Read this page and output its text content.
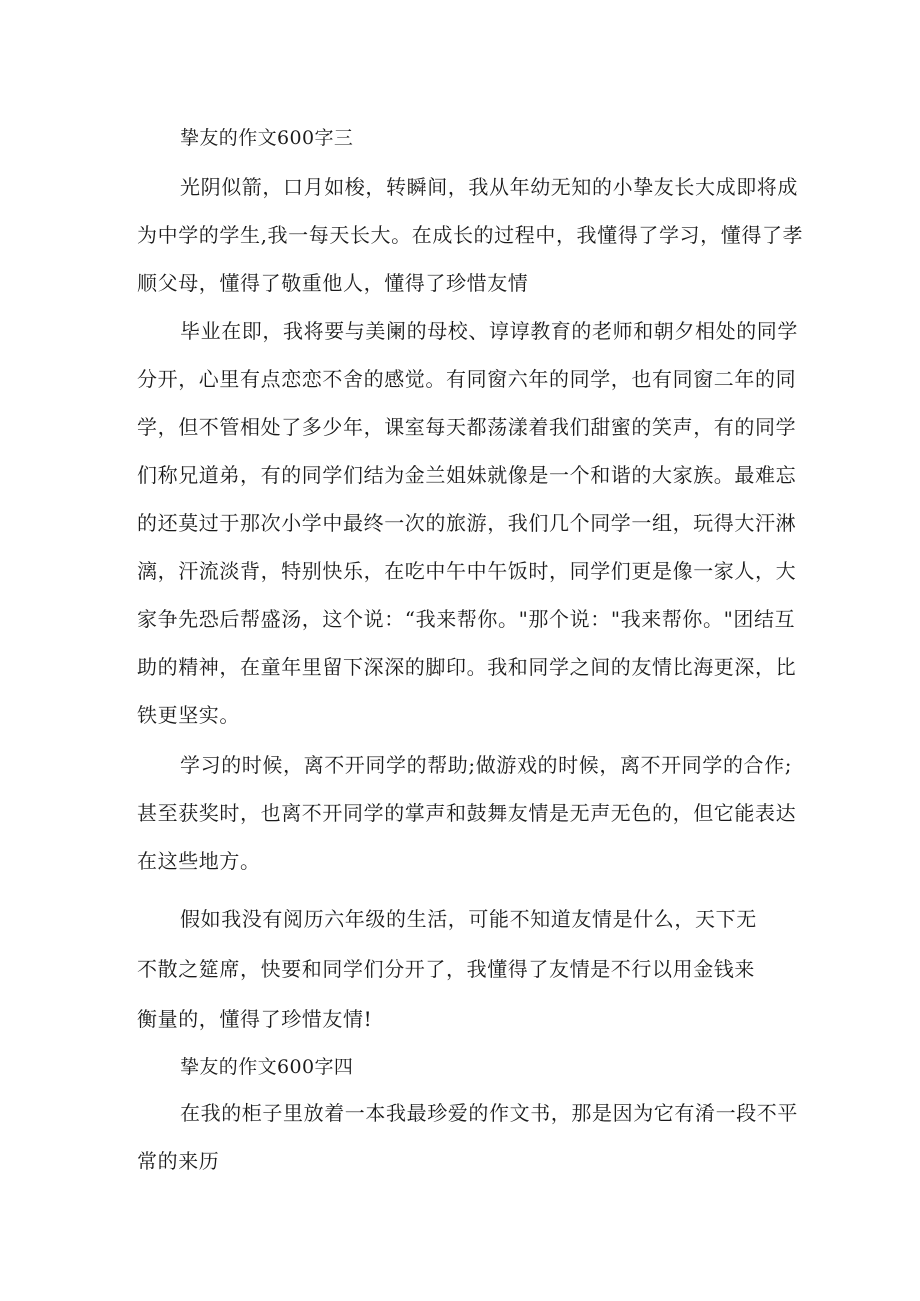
挚友的作文600字三

光阴似箭，口月如梭，转瞬间，我从年幼无知的小挚友长大成即将成

为中学的学生,我一每天长大。在成长的过程中，我懂得了学习，懂得了孝

顺父母，懂得了敬重他人，懂得了珍惜友情

毕业在即，我将要与美阑的母校、谆谆教育的老师和朝夕相处的同学

分开，心里有点恋恋不舍的感觉。有同窗六年的同学，也有同窗二年的同

学，但不管相处了多少年，课室每天都荡漾着我们甜蜜的笑声，有的同学

们称兄道弟，有的同学们结为金兰姐妹就像是一个和谐的大家族。最难忘

的还莫过于那次小学中最终一次的旅游，我们几个同学一组，玩得大汗淋

漓，汗流淡背，特别快乐，在吃中午中午饭时，同学们更是像一家人，大

家争先恐后帮盛汤，这个说：“我来帮你。"那个说："我来帮你。"团结互

助的精神，在童年里留下深深的脚印。我和同学之间的友情比海更深，比

铁更坚实。

学习的时候，离不开同学的帮助;做游戏的时候，离不开同学的合作;

甚至获奖时，也离不开同学的掌声和鼓舞友情是无声无色的，但它能表达

在这些地方。

假如我没有阅历六年级的生活，可能不知道友情是什么，天下无

不散之筵席，快要和同学们分开了，我懂得了友情是不行以用金钱来

衡量的，懂得了珍惜友情!

挚友的作文600字四

在我的柜子里放着一本我最珍爱的作文书，那是因为它有淆一段不平

常的来历
